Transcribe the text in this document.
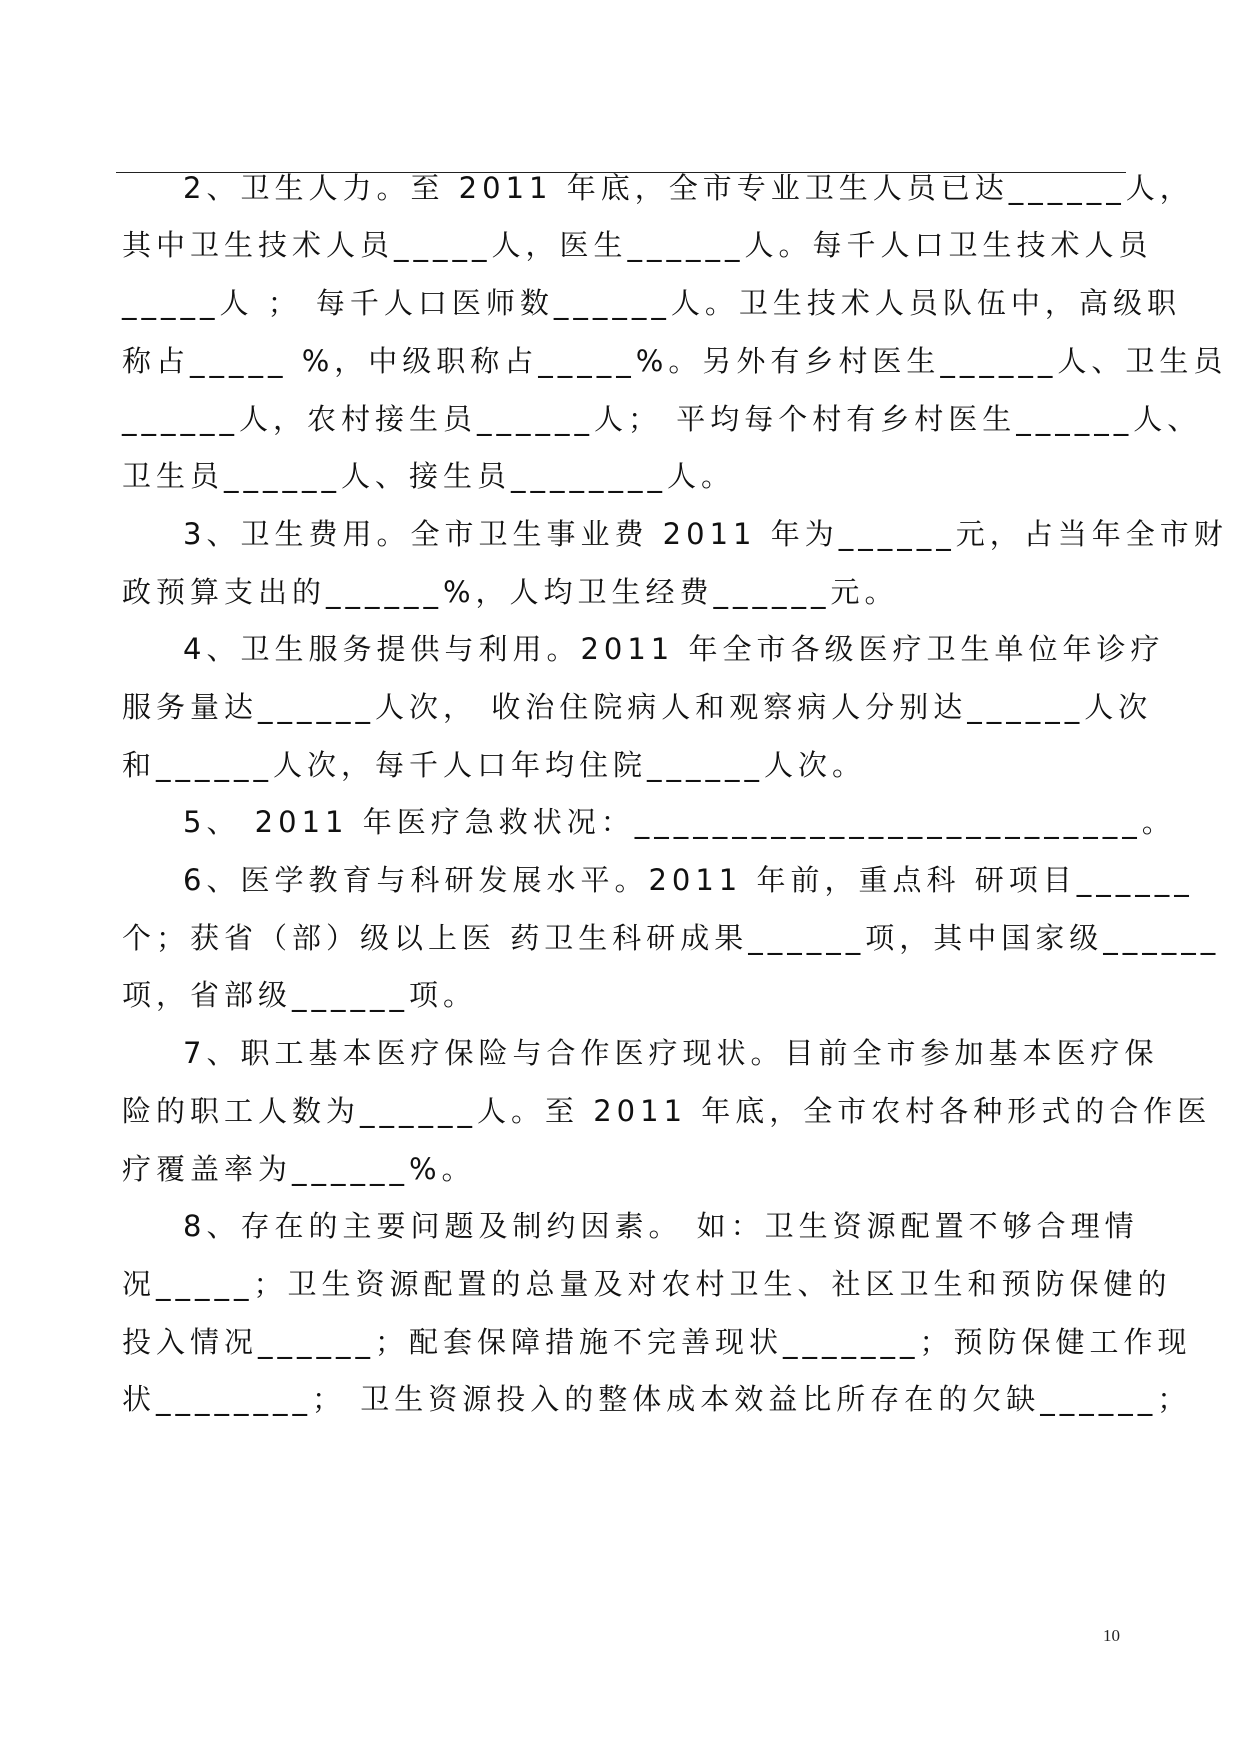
2、卫生人力。至 2011 年底，全市专业卫生人员已达______人，
其中卫生技术人员_____人，医生______人。每千人口卫生技术人员
_____人 ； 每千人口医师数______人。卫生技术人员队伍中，高级职
称占_____ %，中级职称占_____%。另外有乡村医生______人、卫生员
______人，农村接生员______人； 平均每个村有乡村医生______人、
卫生员______人、接生员________人。
3、卫生费用。全市卫生事业费 2011 年为______元，占当年全市财
政预算支出的______%，人均卫生经费______元。
4、卫生服务提供与利用。2011 年全市各级医疗卫生单位年诊疗
服务量达______人次， 收治住院病人和观察病人分别达______人次
和______人次，每千人口年均住院______人次。
5、 2011 年医疗急救状况：__________________________。
6、医学教育与科研发展水平。2011 年前，重点科 研项目______
个；获省（部）级以上医 药卫生科研成果______项，其中国家级______
项，省部级______项。
7、职工基本医疗保险与合作医疗现状。目前全市参加基本医疗保
险的职工人数为______人。至 2011 年底，全市农村各种形式的合作医
疗覆盖率为______%。
8、存在的主要问题及制约因素。 如：卫生资源配置不够合理情
况_____；卫生资源配置的总量及对农村卫生、社区卫生和预防保健的
投入情况______；配套保障措施不完善现状_______；预防保健工作现
状________； 卫生资源投入的整体成本效益比所存在的欠缺______；
10
